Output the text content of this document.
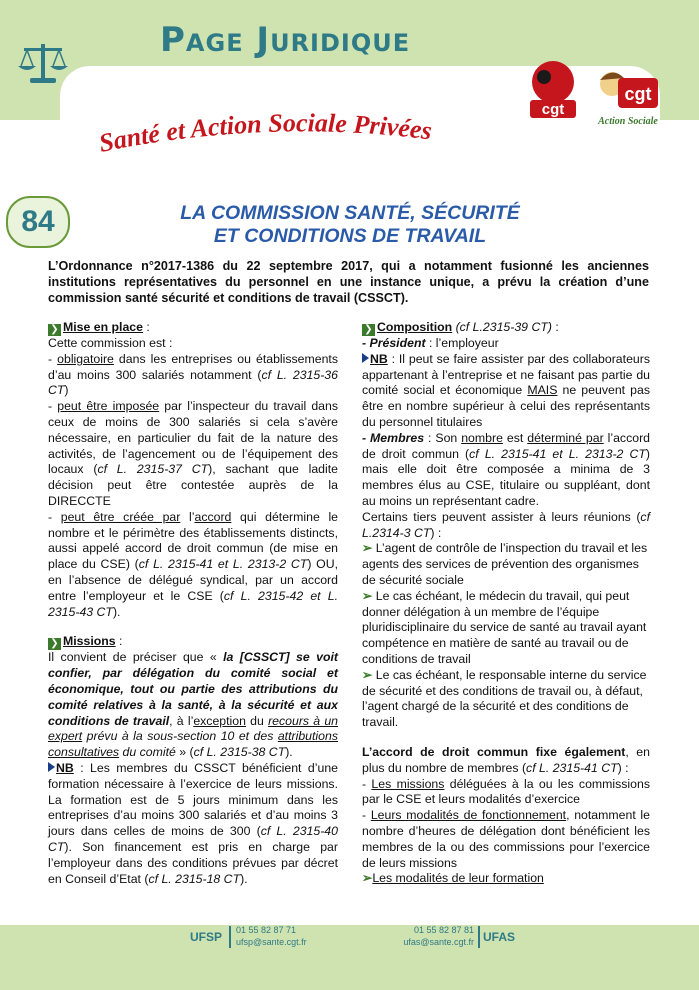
Page Juridique
Santé et Action Sociale Privées
cgt
cgt
Action Sociale
84	LA COMMISSION SANTÉ, SÉCURITÉ
ET CONDITIONS DE TRAVAIL
L’Ordonnance n°2017-1386 du 22 septembre 2017, qui a notamment fusionné les anciennes institutions représentatives du personnel en une instance unique, a prévu la création d’une commission santé sécurité et conditions de travail (CSSCT).

❯ Mise en place :

Cette commission est :

- obligatoire dans les entreprises ou établissements d’au moins 300 salariés notamment (cf L. 2315-36 CT)

- peut être imposée par l’inspecteur du travail dans ceux de moins de 300 salariés si cela s’avère nécessaire, en particulier du fait de la nature des activités, de l’agencement ou de l’équipement des locaux (cf L. 2315-37 CT), sachant que ladite décision peut être contestée auprès de la DIRECCTE

- peut être créée par l’accord qui détermine le nombre et le périmètre des établissements distincts, aussi appelé accord de droit commun (de mise en place du CSE) (cf L. 2315-41 et L. 2313-2 CT) OU, en l’absence de délégué syndical, par un accord entre l’employeur et le CSE (cf L. 2315-42 et L. 2315-43 CT).

❯ Missions :

Il convient de préciser que « la [CSSCT] se voit confier, par délégation du comité social et économique, tout ou partie des attributions du comité relatives à la santé, à la sécurité et aux conditions de travail, à l’exception du recours à un expert prévu à la sous-section 10 et des attributions consultatives du comité » (cf L. 2315-38 CT).

NB : Les membres du CSSCT bénéficient d’une formation nécessaire à l’exercice de leurs missions. La formation est de 5 jours minimum dans les entreprises d’au moins 300 salariés et d’au moins 3 jours dans celles de moins de 300 (cf L. 2315-40 CT). Son financement est pris en charge par l’employeur dans des conditions prévues par décret en Conseil d’Etat (cf L. 2315-18 CT).

❯ Composition (cf L.2315-39 CT) :

- Président : l’employeur

NB : Il peut se faire assister par des collaborateurs appartenant à l’entreprise et ne faisant pas partie du comité social et économique MAIS ne peuvent pas être en nombre supérieur à celui des représentants du personnel titulaires

- Membres : Son nombre est déterminé par l’accord de droit commun (cf L. 2315-41 et L. 2313-2 CT) mais elle doit être composée a minima de 3 membres élus au CSE, titulaire ou suppléant, dont au moins un représentant cadre.

Certains tiers peuvent assister à leurs réunions (cf L.2314-3 CT) :

➢ L’agent de contrôle de l’inspection du travail et les agents des services de prévention des organismes de sécurité sociale

➢ Le cas échéant, le médecin du travail, qui peut donner délégation à un membre de l’équipe pluridisciplinaire du service de santé au travail ayant compétence en matière de santé au travail ou de conditions de travail

➢ Le cas échéant, le responsable interne du service de sécurité et des conditions de travail ou, à défaut, l’agent chargé de la sécurité et des conditions de travail.

L’accord de droit commun fixe également, en plus du nombre de membres (cf L. 2315-41 CT) :

- Les missions déléguées à la ou les commissions par le CSE et leurs modalités d’exercice

- Leurs modalités de fonctionnement, notamment le nombre d’heures de délégation dont bénéficient les membres de la ou des commissions pour l’exercice de leurs missions

➢Les modalités de leur formation

UFSP 01 55 82 87 71
ufsp@sante.cgt.fr
01 55 82 87 81
ufas@sante.cgt.fr UFAS
